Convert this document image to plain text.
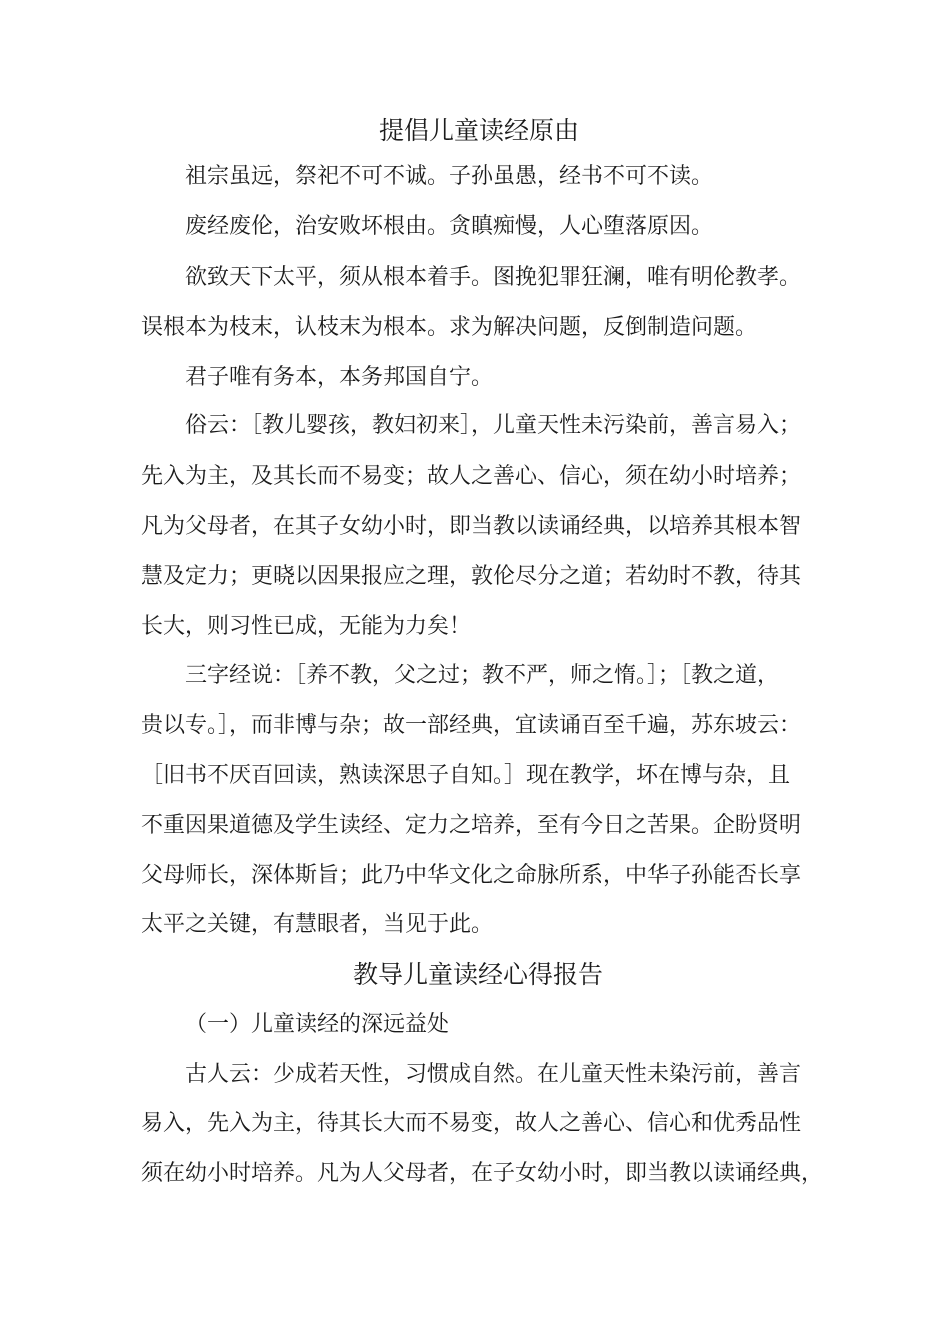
提倡儿童读经原由
祖宗虽远，祭祀不可不诚。子孙虽愚，经书不可不读。
废经废伦，治安败坏根由。贪瞋痴慢，人心堕落原因。
欲致天下太平，须从根本着手。图挽犯罪狂澜，唯有明伦教孝。
误根本为枝末，认枝末为根本。求为解决问题，反倒制造问题。
君子唯有务本，本务邦国自宁。
俗云：［教儿婴孩，教妇初来］，儿童天性未污染前，善言易入；
先入为主，及其长而不易变；故人之善心、信心，须在幼小时培养；
凡为父母者，在其子女幼小时，即当教以读诵经典，以培养其根本智
慧及定力；更晓以因果报应之理，敦伦尽分之道；若幼时不教，待其
长大，则习性已成，无能为力矣！
三字经说：［养不教，父之过；教不严，师之惰。］；［教之道，
贵以专。］，而非博与杂；故一部经典，宜读诵百至千遍，苏东坡云：
［旧书不厌百回读，熟读深思子自知。］现在教学，坏在博与杂，且
不重因果道德及学生读经、定力之培养，至有今日之苦果。企盼贤明
父母师长，深体斯旨；此乃中华文化之命脉所系，中华子孙能否长享
太平之关键，有慧眼者，当见于此。
教导儿童读经心得报告
（一）儿童读经的深远益处
古人云：少成若天性，习惯成自然。在儿童天性未染污前，善言
易入，先入为主，待其长大而不易变，故人之善心、信心和优秀品性
须在幼小时培养。凡为人父母者，在子女幼小时，即当教以读诵经典，
